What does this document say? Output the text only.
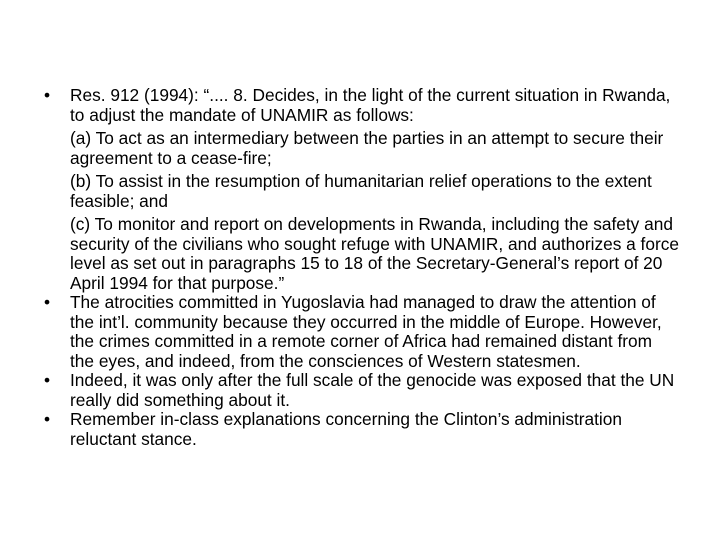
• Res. 912 (1994): “.... 8. Decides, in the light of the current situation in Rwanda, to adjust the mandate of UNAMIR as follows:
(a) To act as an intermediary between the parties in an attempt to secure their agreement to a cease-fire;
(b) To assist in the resumption of humanitarian relief operations to the extent feasible; and
(c) To monitor and report on developments in Rwanda, including the safety and security of the civilians who sought refuge with UNAMIR, and authorizes a force level as set out in paragraphs 15 to 18 of the Secretary-General’s report of 20 April 1994 for that purpose.”
• The atrocities committed in Yugoslavia had managed to draw the attention of the int’l. community because they occurred in the middle of Europe. However, the crimes committed in a remote corner of Africa had remained distant from the eyes, and indeed, from the consciences of Western statesmen.
• Indeed, it was only after the full scale of the genocide was exposed that the UN really did something about it.
• Remember in-class explanations concerning the Clinton’s administration reluctant stance.
